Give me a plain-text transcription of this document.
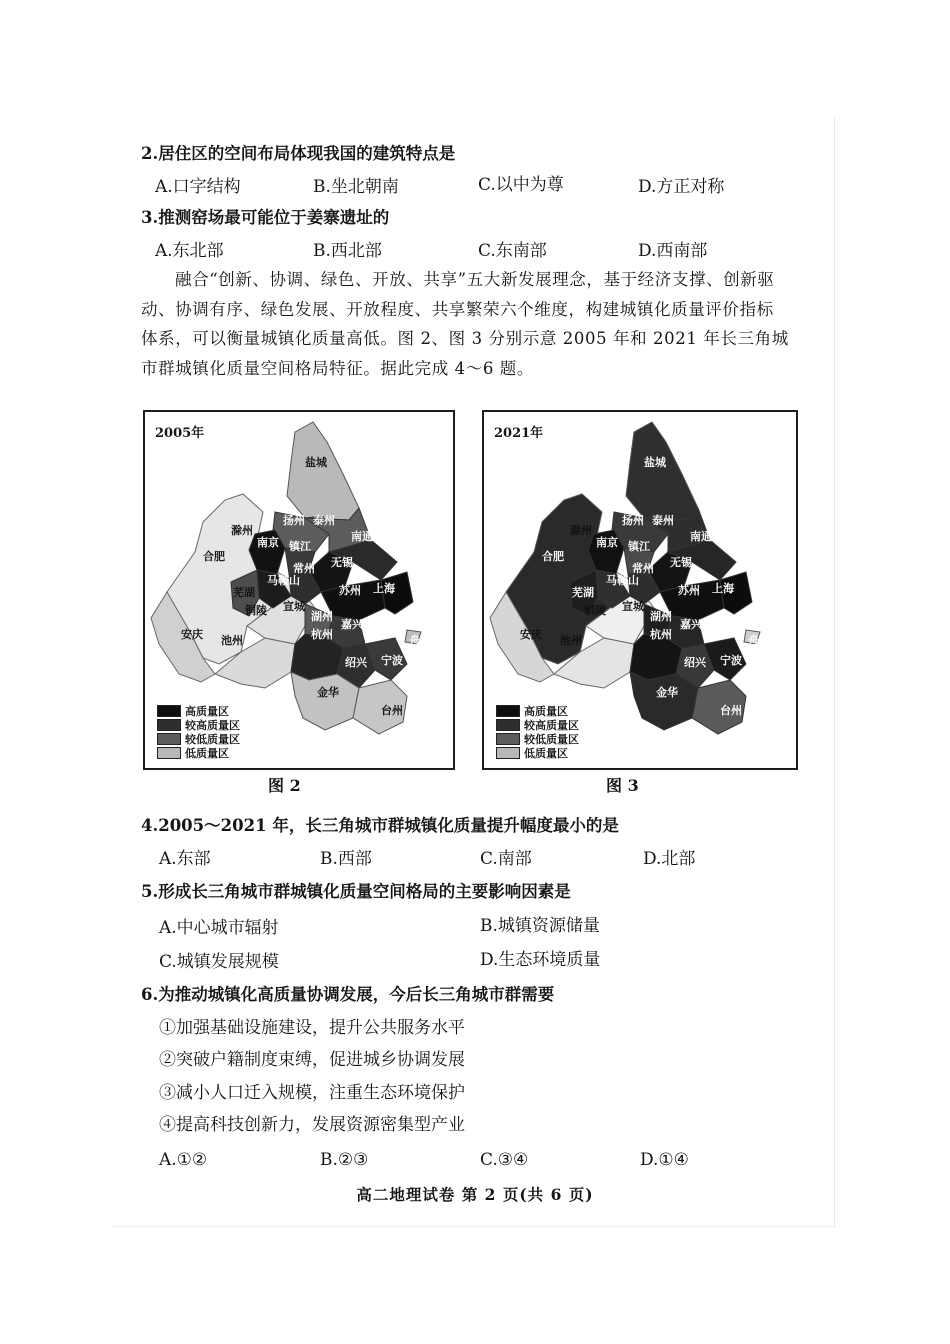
2.居住区的空间布局体现我国的建筑特点是
A.口字结构	B.坐北朝南	C.以中为尊	D.方正对称
3.推测窑场最可能位于姜寨遗址的
A.东北部	B.西北部	C.东南部	D.西南部
融合“创新、协调、绿色、开放、共享”五大新发展理念，基于经济支撑、创新驱
动、协调有序、绿色发展、开放程度、共享繁荣六个维度，构建城镇化质量评价指标
体系，可以衡量城镇化质量高低。图 2、图 3 分别示意 2005 年和 2021 年长三角城
市群城镇化质量空间格局特征。据此完成 4～6 题。
2005年
盐城
滁州
扬州 泰州
南京 镇江
南通
合肥
常州 无锡
马鞍山
芜湖	苏州 上海
铜陵 宣城
湖州
嘉兴
安庆 池州	杭州	舟山
绍兴 宁波
金华
台州
高质量区
较高质量区
较低质量区
低质量区
图 2
2021年
盐城
滁州
扬州 泰州
南京 镇江
南通
合肥
常州 无锡
马鞍山
芜湖	苏州 上海
铜陵 宣城
湖州
嘉兴
安庆 池州	杭州	舟山
绍兴 宁波
金华
台州
高质量区
较高质量区
较低质量区
低质量区
图 3
4.2005～2021 年，长三角城市群城镇化质量提升幅度最小的是
A.东部	B.西部	C.南部	D.北部
5.形成长三角城市群城镇化质量空间格局的主要影响因素是
A.中心城市辐射	B.城镇资源储量
C.城镇发展规模	D.生态环境质量
6.为推动城镇化高质量协调发展，今后长三角城市群需要
①加强基础设施建设，提升公共服务水平
②突破户籍制度束缚，促进城乡协调发展
③减小人口迁入规模，注重生态环境保护
④提高科技创新力，发展资源密集型产业
A.①②	B.②③	C.③④	D.①④
高二地理试卷 第 2 页(共 6 页)
